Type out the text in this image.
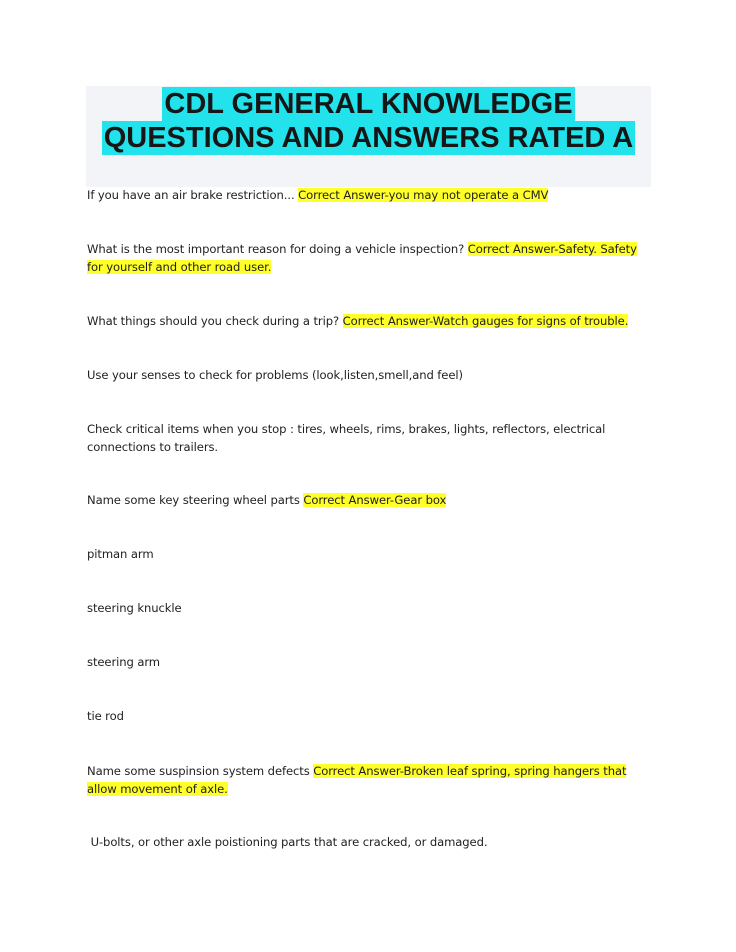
CDL GENERAL KNOWLEDGE
QUESTIONS AND ANSWERS RATED A
If you have an air brake restriction... Correct Answer-you may not operate a CMV
What is the most important reason for doing a vehicle inspection? Correct Answer-Safety. Safety for yourself and other road user.
What things should you check during a trip? Correct Answer-Watch gauges for signs of trouble.
Use your senses to check for problems (look,listen,smell,and feel)
Check critical items when you stop : tires, wheels, rims, brakes, lights, reflectors, electrical connections to trailers.
Name some key steering wheel parts Correct Answer-Gear box
pitman arm
steering knuckle
steering arm
tie rod
Name some suspinsion system defects Correct Answer-Broken leaf spring, spring hangers that allow movement of axle.
U-bolts, or other axle poistioning parts that are cracked, or damaged.
